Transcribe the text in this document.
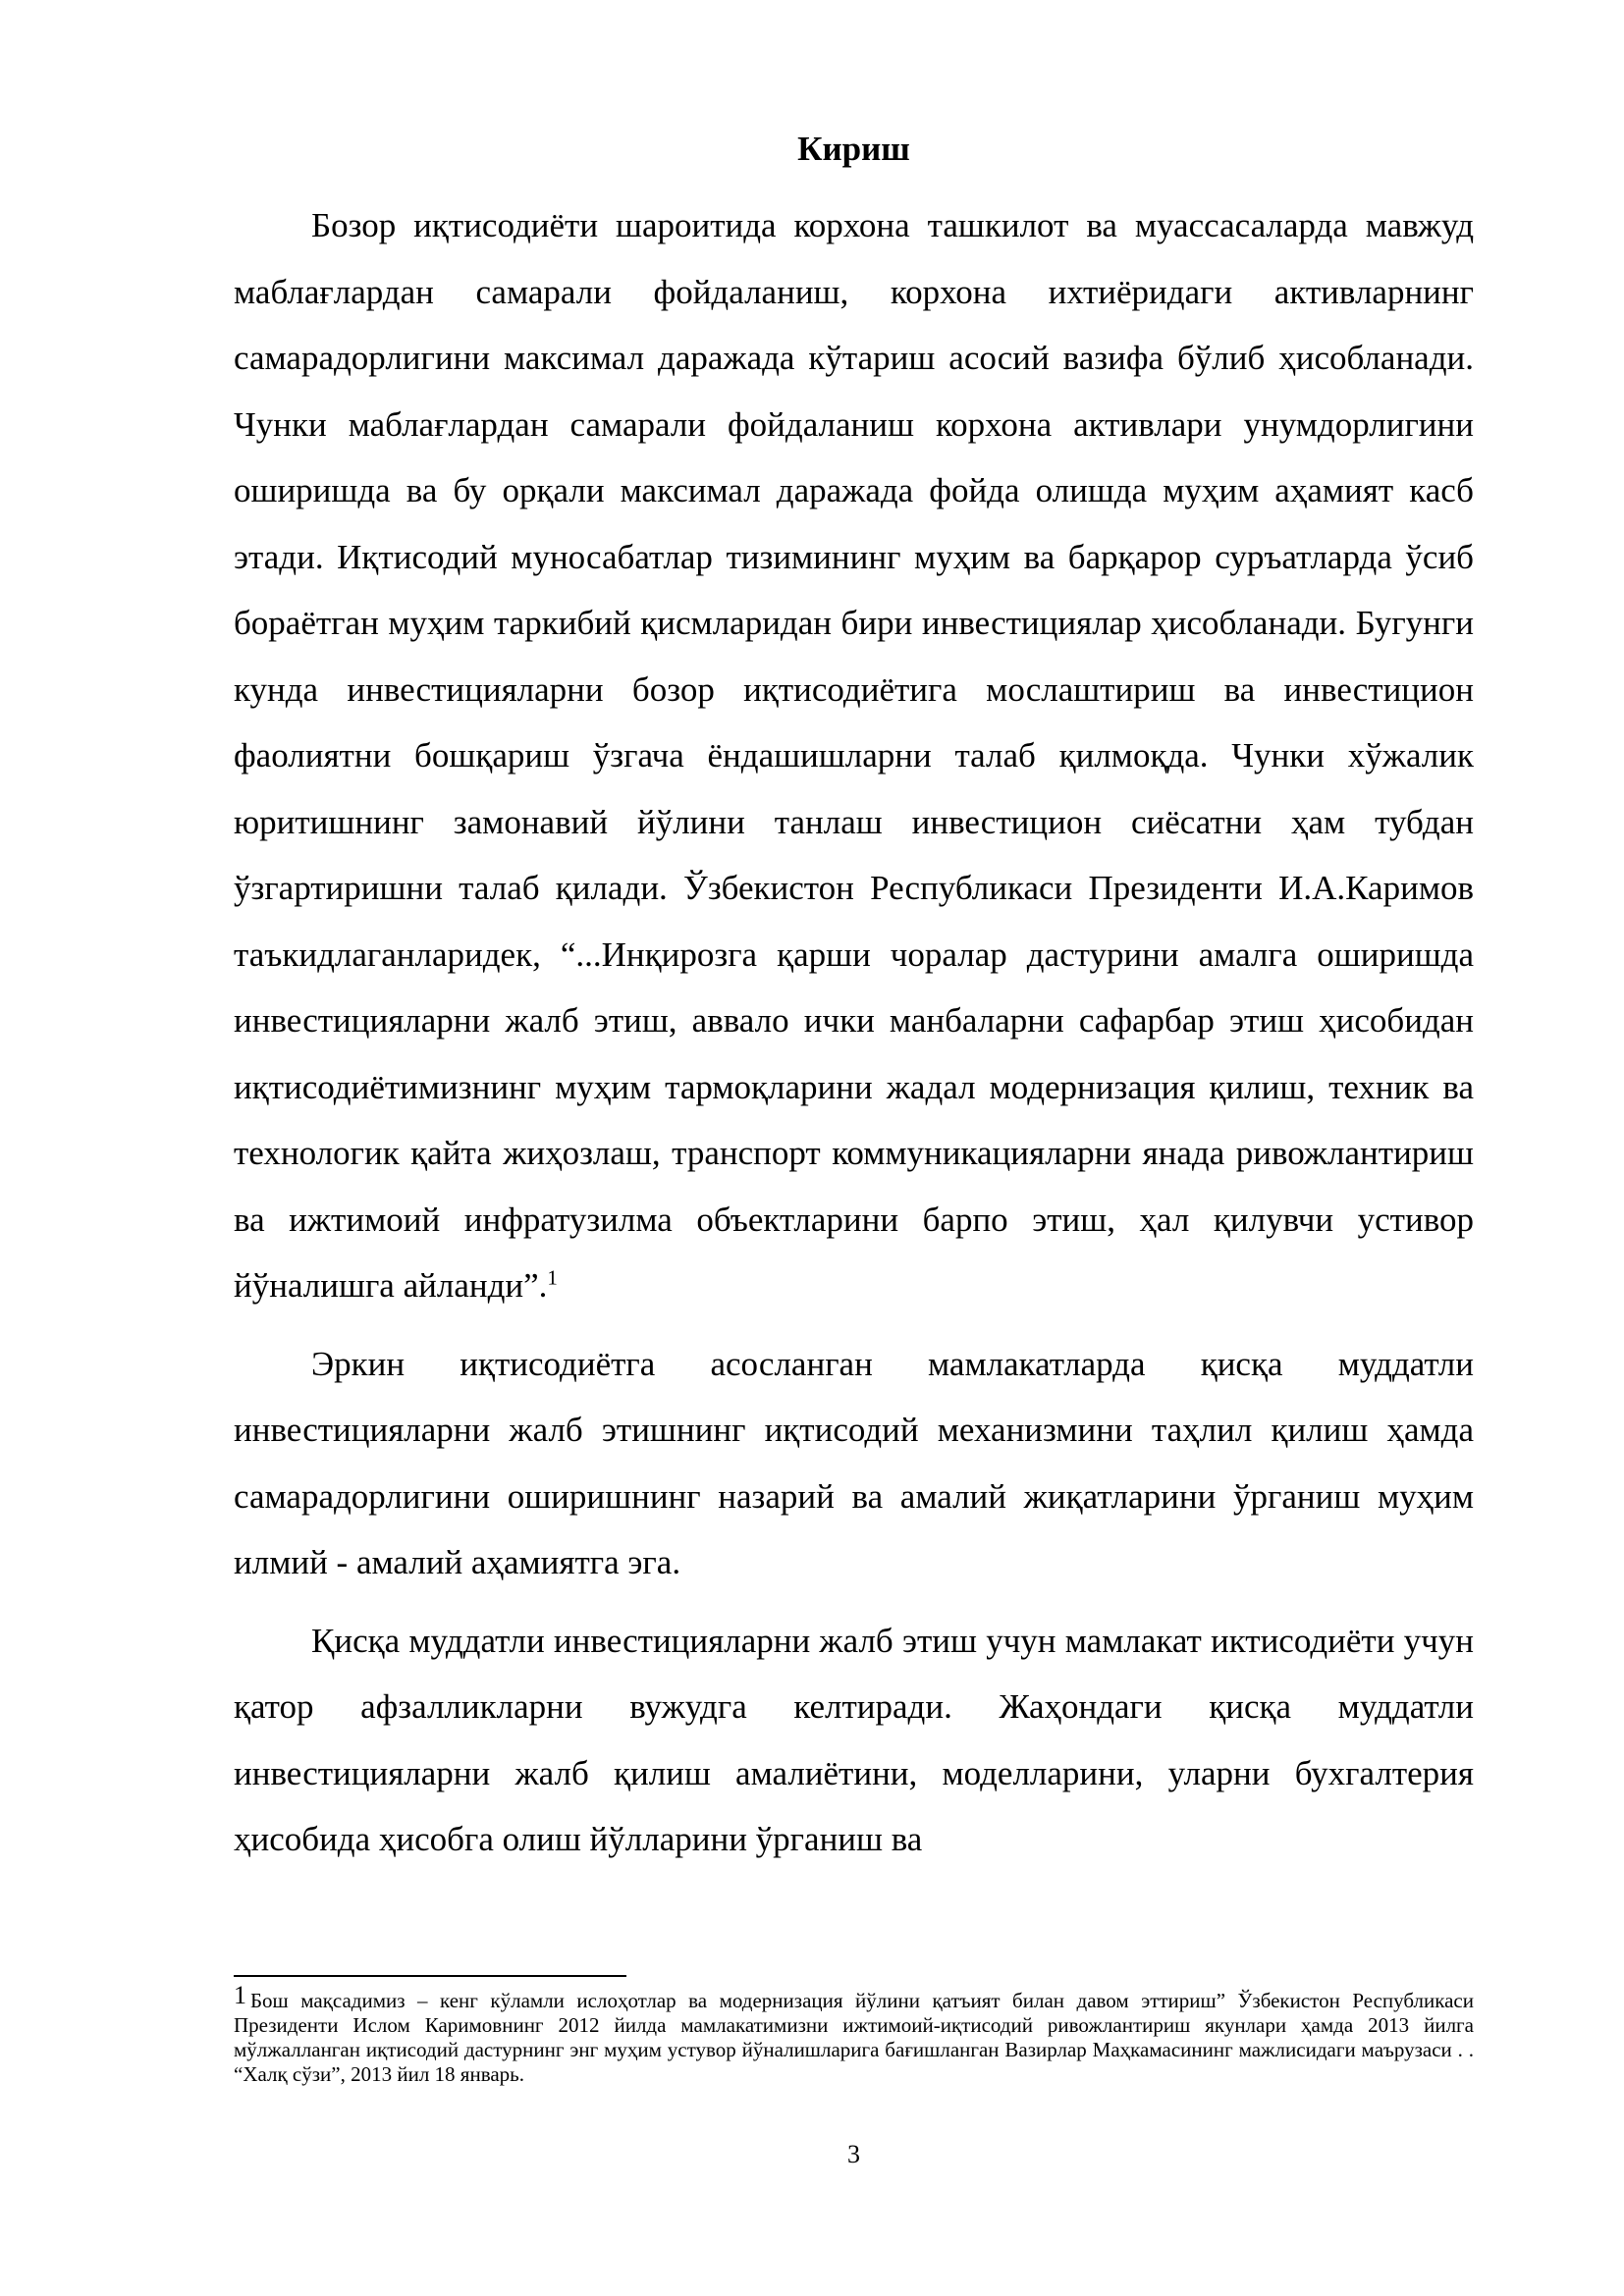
Кириш

Бозор иқтисодиёти шароитида корхона ташкилот ва муассасаларда мавжуд маблағлардан самарали фойдаланиш, корхона ихтиёридаги активларнинг самарадорлигини максимал даражада кўтариш асосий вазифа бўлиб ҳисобланади. Чунки маблағлардан самарали фойдаланиш корхона активлари унумдорлигини оширишда ва бу орқали максимал даражада фойда олишда муҳим аҳамият касб этади. Иқтисодий муносабатлар тизимининг муҳим ва барқарор суръатларда ўсиб бораётган муҳим таркибий қисмларидан бири инвестициялар ҳисобланади. Бугунги кунда инвестицияларни бозор иқтисодиётига мослаштириш ва инвестицион фаолиятни бошқариш ўзгача ёндашишларни талаб қилмоқда. Чунки хўжалик юритишнинг замонавий йўлини танлаш инвестицион сиёсатни ҳам тубдан ўзгартиришни талаб қилади. Ўзбекистон Республикаси Президенти И.А.Каримов таъкидлаганларидек, “...Инқирозга қарши чоралар дастурини амалга оширишда инвестицияларни жалб этиш, аввало ички манбаларни сафарбар этиш ҳисобидан иқтисодиётимизнинг муҳим тармоқларини жадал модернизация қилиш, техник ва технологик қайта жиҳозлаш, транспорт коммуникацияларни янада ривожлантириш ва ижтимоий инфратузилма объектларини барпо этиш, ҳал қилувчи устивор йўналишга айланди”.$^1$

Эркин иқтисодиётга асосланган мамлакатларда қисқа муддатли инвестицияларни жалб этишнинг иқтисодий механизмини таҳлил қилиш ҳамда самарадорлигини оширишнинг назарий ва амалий жиқатларини ўрганиш муҳим илмий - амалий аҳамиятга эга.

Қисқа муддатли инвестицияларни жалб этиш учун мамлакат иктисодиёти учун қатор афзалликларни вужудга келтиради. Жаҳондаги қисқа муддатли инвестицияларни жалб қилиш амалиётини, моделларини, уларни бухгалтерия ҳисобида ҳисобга олиш йўлларини ўрганиш ва

$^1$ Бош мақсадимиз – кенг кўламли ислоҳотлар ва модернизация йўлини қатъият билан давом эттириш” Ўзбекистон Республикаси Президенти Ислом Каримовнинг 2012 йилда мамлакатимизни ижтимоий-иқтисодий ривожлантириш якунлари ҳамда 2013 йилга мўлжалланган иқтисодий дастурнинг энг муҳим устувор йўналишларига бағишланган Вазирлар Маҳкамасининг мажлисидаги маърузаси . . “Халқ сўзи”, 2013 йил 18 январь.
3
